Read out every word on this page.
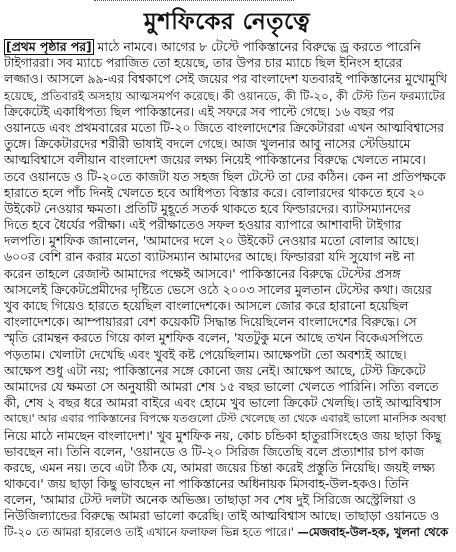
মুশফিকের নেতৃত্বে
[প্রথম পৃষ্ঠার পর] মাঠে নামবে। আগের ৮ টেস্টে পাকিস্তানের বিরুদ্ধে ড্র করতে পারেনি
টাইগাররা। সব ম্যাচে পরাজিত তো হয়েছে, তার উপর চার ম্যাচে ছিল ইনিংস হারের
লজ্জাও। আসলে ৯৯-এর বিশ্বকাপে সেই জয়ের পর বাংলাদেশ যতবারই পাকিস্তানের মুখোমুখি
হয়েছে, প্রতিবারই অসহায় আত্মসমর্পণ করেছে। কী ওয়ানডে, কী টি-২০, কী টেস্ট তিন ফরম্যাটের
ক্রিকেটেই একাধিপত্য ছিল পাকিস্তানের। এই সফরে সব পাল্টে গেছে। ১৬ বছর পর
ওয়ানডে এবং প্রথমবারের মতো টি-২০ জিতে বাংলাদেশের ক্রিকেটাররা এখন আত্মবিশ্বাসের
তুঙ্গে। ক্রিকেটারদের শরীরী ভাষাই বদলে গেছে। আজ খুলনার আবু নাসের স্টেডিয়ামে
আত্মবিশ্বাসে বলীয়ান বাংলাদেশ জয়ের লক্ষ্য নিয়েই পাকিস্তানের বিরুদ্ধে খেলতে নামবে।
তবে ওয়ানডে ও টি-২০তে কাজটা যত সহজ ছিল টেস্টে তা ঢের কঠিন। কেন না প্রতিপক্ষকে
হারাতে হলে পাঁচ দিনই খেলতে হবে আধিপত্য বিস্তার করে। বোলারদের থাকতে হবে ২০
উইকেট নেওয়ার ক্ষমতা। প্রতিটি মুহূর্তে সতর্ক থাকতে হবে ফিল্ডারদের। ব্যাটসম্যানদের
দিতে হবে ধৈর্যের পরীক্ষা। এই পরীক্ষাতেও সফল হওয়ার ব্যাপারে আশাবাদী টাইগার
দলপতি। মুশফিক জানালেন, 'আমাদের দলে ২০ উইকেট নেওয়ার মতো বোলার আছে।
৬০০র বেশি রান করার মতো ব্যাটসম্যান আমাদের আছে। ফিল্ডাররা যদি সুযোগ নষ্ট না
করেন তাহলে রেজাল্ট আমাদের পক্ষেই আসবে।' পাকিস্তানের বিরুদ্ধে টেস্টের প্রসঙ্গ
আসলেই ক্রিকেটপ্রেমীদের দৃষ্টিতে ভেসে ওঠে ২০০৩ সালের মুলতান টেস্টের কথা। জয়ের
খুব কাছে গিয়েও হারতে হয়েছিল বাংলাদেশকে। আসলে জোর করে হারানো হয়েছিল
বাংলাদেশকে। আম্পায়াররা বেশ কয়েকটি সিদ্ধান্ত দিয়েছিলেন বাংলাদেশের বিরুদ্ধে। সে
স্মৃতি রোমন্থন করতে গিয়ে কাল মুশফিক বলেন, 'যতটুকু মনে আছে তখন বিকেএসপিতে
পড়তাম। খেলাটা দেখেছি এবং খুবই কষ্ট পেয়েছিলাম। আক্ষেপটা তো অবশ্যই আছে।
আক্ষেপ শুধু এটা নয়; পাকিস্তানের সঙ্গে কোনো জয় নেই। আক্ষেপ আছে, টেস্ট ক্রিকেটে
আমাদের যে ক্ষমতা সে অনুযায়ী আমরা শেষ ১৫ বছর ভালো খেলতে পারিনি। সত্যি বলতে
কী, শেষ ২ বছর ধরে আমরা বাইরে এবং হোমে খুব ভালো ক্রিকেট খেলছি। তাই আত্মবিশ্বাস
আছে।' আর এবার পাকিস্তানের বিপক্ষে যতগুলো টেস্ট খেলেছে তা থেকে এবারই ভালো মানসিক অবস্থা
নিয়ে মাঠে নামছেন বাংলাদেশ।' খুব মুশফিক নয়, কোচ চন্ডিকা হাতুরাসিংহেও জয় ছাড়া কিছু
ভাবছেন না। তিনি বলেন, 'ওয়ানডে ও টি-২০ সিরিজ জিতেছি বলে প্রত্যাশার চাপ কাজ
করছে, এমন নয়। তবে এটা ঠিক যে, আমরা জয়ের চিন্তা করেই প্রস্তুতি নিয়েছি। জয়ই লক্ষ্য
থাকবে।' জয় ছাড়া কিছু ভাবছেন না পাকিস্তানের অধিনায়ক মিসবাহ-উল-হকও। তিনি
বলেন, 'আমার টেস্ট দলটা অনেক অভিজ্ঞ। তাছাড়া সব শেষ দুই সিরিজে অস্ট্রেলিয়া ও
নিউজিল্যান্ডের বিরুদ্ধে আমরা ভালো করেছি। তাই আত্মবিশ্বাস আছে। তাছাড়া ওয়ানডে ও
টি-২০ তে আমরা হারলেও তাই এখানে ফলাফল ভিন্ন হতে পারে।' —মেজবাহ-উল-হক, খুলনা থেকে
